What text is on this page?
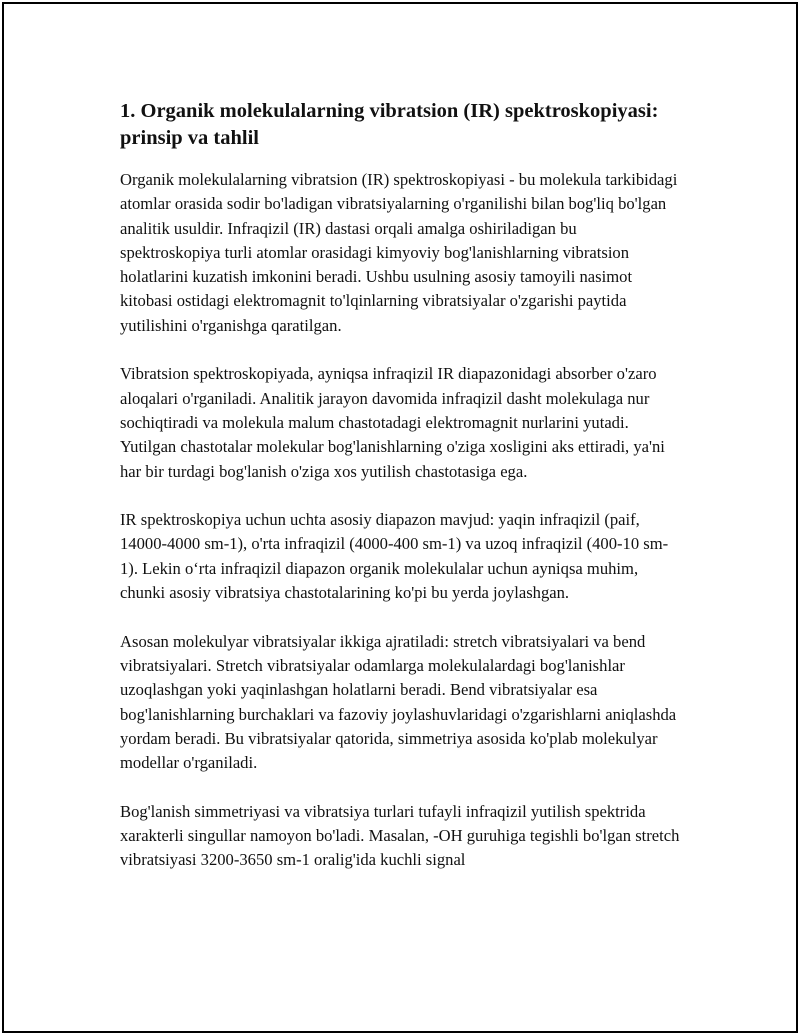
1. Organik molekulalarning vibratsion (IR) spektroskopiyasi: prinsip va tahlil

Organik molekulalarning vibratsion (IR) spektroskopiyasi - bu molekula tarkibidagi atomlar orasida sodir bo'ladigan vibratsiyalarning o'rganilishi bilan bog'liq bo'lgan analitik usuldir. Infraqizil (IR) dastasi orqali amalga oshiriladigan bu spektroskopiya turli atomlar orasidagi kimyoviy bog'lanishlarning vibratsion holatlarini kuzatish imkonini beradi. Ushbu usulning asosiy tamoyili nasimot kitobasi ostidagi elektromagnit to'lqinlarning vibratsiyalar o'zgarishi paytida yutilishini o'rganishga qaratilgan.

Vibratsion spektroskopiyada, ayniqsa infraqizil IR diapazonidagi absorber o'zaro aloqalari o'rganiladi. Analitik jarayon davomida infraqizil dasht molekulaga nur sochiqtiradi va molekula malum chastotadagi elektromagnit nurlarini yutadi. Yutilgan chastotalar molekular bog'lanishlarning o'ziga xosligini aks ettiradi, ya'ni har bir turdagi bog'lanish o'ziga xos yutilish chastotasiga ega.

IR spektroskopiya uchun uchta asosiy diapazon mavjud: yaqin infraqizil (paif, 14000-4000 sm-1), o'rta infraqizil (4000-400 sm-1) va uzoq infraqizil (400-10 sm-1). Lekin o‘rta infraqizil diapazon organik molekulalar uchun ayniqsa muhim, chunki asosiy vibratsiya chastotalarining ko'pi bu yerda joylashgan.

Asosan molekulyar vibratsiyalar ikkiga ajratiladi: stretch vibratsiyalari va bend vibratsiyalari. Stretch vibratsiyalar odamlarga molekulalardagi bog'lanishlar uzoqlashgan yoki yaqinlashgan holatlarni beradi. Bend vibratsiyalar esa bog'lanishlarning burchaklari va fazoviy joylashuvlaridagi o'zgarishlarni aniqlashda yordam beradi. Bu vibratsiyalar qatorida, simmetriya asosida ko'plab molekulyar modellar o'rganiladi.

Bog'lanish simmetriyasi va vibratsiya turlari tufayli infraqizil yutilish spektrida xarakterli singullar namoyon bo'ladi. Masalan, -OH guruhiga tegishli bo'lgan stretch vibratsiyasi 3200-3650 sm-1 oralig'ida kuchli signal
